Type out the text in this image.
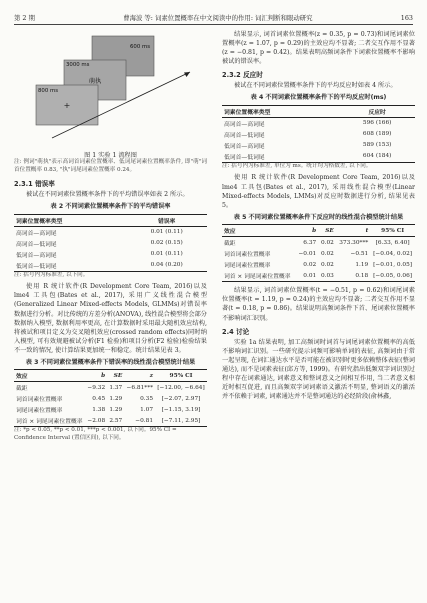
第 2 期	曹海波 等: 词素位置概率在中文阅读中的作用: 词汇判断和眼动研究	163
+
萌执
600 ms
3000 ms
800 ms
图 1 实验 1 流程图
注: 例词"萌执"表示高词首词素位置概率、低词尾词素位置概率条件, 即"萌"词首位置概率 0.83, "执"词尾词素位置概率 0.24。
2.3.1 错误率

被试在不同词素位置概率条件下的平均错误率如表 2 所示。

表 2 不同词素位置概率条件下的平均错误率
词素位置概率类型	错误率
高词首—高词尾	0.01 (0.11)
高词首—低词尾	0.02 (0.15)
低词首—高词尾	0.01 (0.11)
低词首—低词尾	0.04 (0.20)
注: 括号内为标准差, 以下同。

使用 R 统计软件(R Development Core Team, 2016)以及 lme4 工具包(Bates et al., 2017), 采用广义线性混合模型(Generalized Linear Mixed-effects Models, GLMMs)对错误率数据进行分析。对比传统的方差分析(ANOVA), 线性混合模型将会部分数据纳入模型, 数据利用率更高, 在计算数据时采用最大随机效应结构, 将被试和项目定义为交叉随机效应(crossed random effects)同时纳入模型, 可有效规避被试分析(F1 检验)和项目分析(F2 检验)检验结果不一致的情况, 使计算结果更加统一和稳定。统计结果见表 3。

表 3 不同词素位置概率条件下错误率的线性混合模型统计结果
效应	b	SE	z	95% CI
截距	−9.32	1.37	−6.81***	[−12.00, −6.64]
词首词素位置概率	0.45	1.29	0.35	[−2.07, 2.97]
词尾词素位置概率	1.38	1.29	1.07	[−1.15, 3.19]
词首 × 词尾词素位置概率	−2.08	2.57	−0.81	[−7.11, 2.95]
注: *p < 0.05, **p < 0.01, ***p < 0.001, 以下同。95% CI = Confidence Interval (置信区间), 以下同。

结果显示, 词首词素位置概率(z = 0.35, p = 0.73)和词尾词素位置概率(z = 1.07, p = 0.29)的主效应均不显著; 二者交互作用不显著(z = −0.81, p = 0.42)。结果表明高频词条件下词素位置概率不影响被试的错误率。

2.3.2 反应时

被试在不同词素位置概率条件下的平均反应时如表 4 所示。

表 4 不同词素位置概率条件下的平均反应时(ms)
词素位置概率类型	反应时
高词首—高词尾	596 (166)
高词首—低词尾	608 (189)
低词首—高词尾	589 (153)
低词首—低词尾	604 (184)
注: 括号内为标准差, 单位为 ms。统计均为格数差, 以下同。

使用 R 统计软件(R Development Core Team, 2016)以及 lme4 工具包(Bates et al., 2017), 采用线性混合模型(Linear Mixed-effects Models, LMMs)对反应时数据进行分析, 结果见表 5。

表 5 不同词素位置概率条件下反应时的线性混合模型统计结果
效应	b	SE	t	95% CI
截距	6.37	0.02	373.30***	[6.33, 6.40]
词首词素位置概率	−0.01	0.02	−0.51	[−0.04, 0.02]
词尾词素位置概率	0.02	0.02	1.19	[−0.01, 0.05]
词首 × 词尾词素位置概率	0.01	0.03	0.18	[−0.05, 0.06]

结果显示, 词首词素位置概率(t = −0.51, p = 0.62)和词尾词素位置概率(t = 1.19, p = 0.24)的主效应均不显著; 二者交互作用不显著(t = 0.18, p = 0.86)。结果说明高频词条件下首、尾词素位置概率不影响词汇识别。

2.4 讨论

实验 1a 结果表明, 加工高频词时词首与词尾词素位置概率的高低不影响词汇识别。一些研究提示词频可影响单词的表征, 高频词由于常一起呈现, 在词汇通达水平是否可能在被识别时更多依赖整体表征(整词通达), 而不是词素表征(邱方等, 1999)。有研究指出低频双字词识别过程中存在词素通达, 词素意义和整词意义之间相互作用, 当二者意义相近时相互促进, 而且高频双字词词素语义激活不明显, 整词语义的激活并不依赖于词素, 词素通达并不是整词通达的必经阶段(俞林鑫,
